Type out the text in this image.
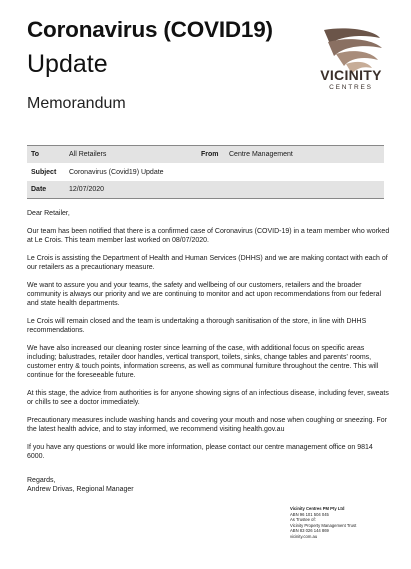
Coronavirus (COVID19)
Update
Memorandum
VICINITY
CENTRES
To	All Retailers	From	Centre Management
Subject	Coronavirus (Covid19) Update		
Date	12/07/2020		

Dear Retailer,

Our team has been notified that there is a confirmed case of Coronavirus (COVID-19) in a team member who worked at Le Crois. This team member last worked on 08/07/2020.

Le Crois is assisting the Department of Health and Human Services (DHHS) and we are making contact with each of our retailers as a precautionary measure.

We want to assure you and your teams, the safety and wellbeing of our customers, retailers and the broader community is always our priority and we are continuing to monitor and act upon recommendations from our federal and state health departments.

Le Crois will remain closed and the team is undertaking a thorough sanitisation of the store, in line with DHHS recommendations.

We have also increased our cleaning roster since learning of the case, with additional focus on specific areas including; balustrades, retailer door handles, vertical transport, toilets, sinks, change tables and parents' rooms, customer entry & touch points, information screens, as well as communal furniture throughout the centre. This will continue for the foreseeable future.

At this stage, the advice from authorities is for anyone showing signs of an infectious disease, including fever, sweats or chills to see a doctor immediately.

Precautionary measures include washing hands and covering your mouth and nose when coughing or sneezing. For the latest health advice, and to stay informed, we recommend visiting health.gov.au

If you have any questions or would like more information, please contact our centre management office on 9814 6000.

Regards,
Andrew Drivas, Regional Manager
Vicinity Centres PM Pty Ltd
ABN 96 101 504 045
As Trustee of:
Vicinity Property Management Trust
ABN 83 026 144 869
vicinity.com.au
